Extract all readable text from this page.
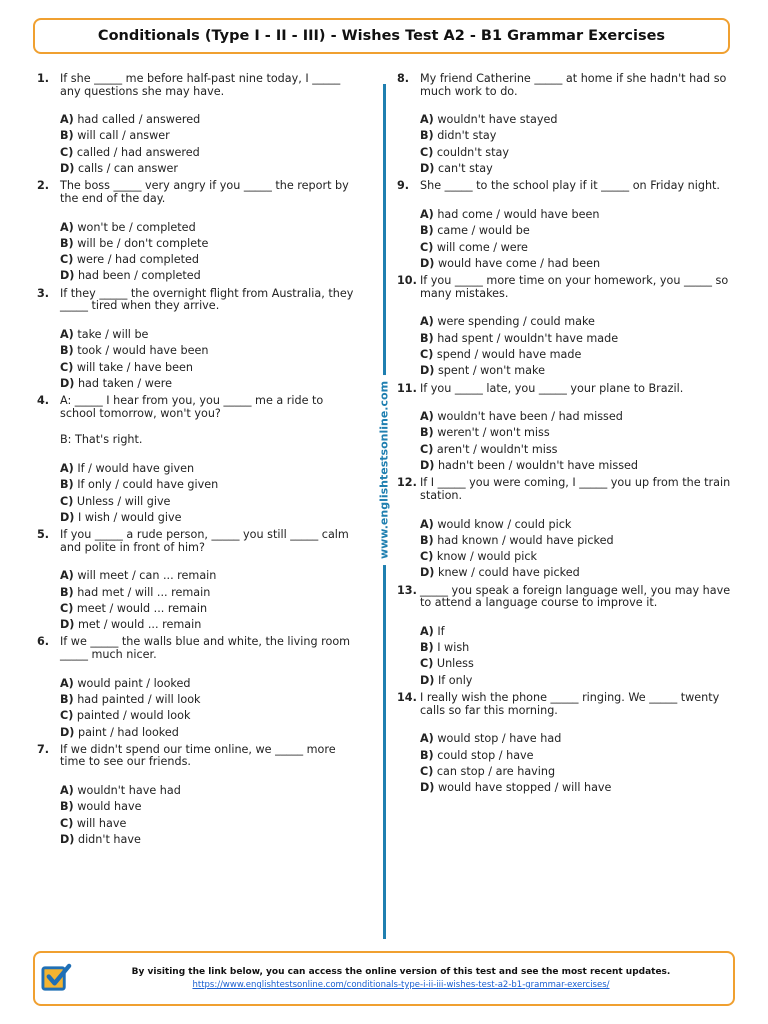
Conditionals (Type I - II - III) - Wishes Test A2 - B1 Grammar Exercises
1. If she _____ me before half-past nine today, I _____ any questions she may have.
A) had called / answered
B) will call / answer
C) called / had answered
D) calls / can answer
2. The boss _____ very angry if you _____ the report by the end of the day.
A) won't be / completed
B) will be / don't complete
C) were / had completed
D) had been / completed
3. If they _____ the overnight flight from Australia, they _____ tired when they arrive.
A) take / will be
B) took / would have been
C) will take / have been
D) had taken / were
4. A: _____ I hear from you, you _____ me a ride to school tomorrow, won't you?
B: That's right.
A) If / would have given
B) If only / could have given
C) Unless / will give
D) I wish / would give
5. If you _____ a rude person, _____ you still _____ calm and polite in front of him?
A) will meet / can ... remain
B) had met / will ... remain
C) meet / would ... remain
D) met / would ... remain
6. If we _____ the walls blue and white, the living room _____ much nicer.
A) would paint / looked
B) had painted / will look
C) painted / would look
D) paint / had looked
7. If we didn't spend our time online, we _____ more time to see our friends.
A) wouldn't have had
B) would have
C) will have
D) didn't have
www.englishtestsonline.com
8. My friend Catherine _____ at home if she hadn't had so much work to do.
A) wouldn't have stayed
B) didn't stay
C) couldn't stay
D) can't stay
9. She _____ to the school play if it _____ on Friday night.
A) had come / would have been
B) came / would be
C) will come / were
D) would have come / had been
10. If you _____ more time on your homework, you _____ so many mistakes.
A) were spending / could make
B) had spent / wouldn't have made
C) spend / would have made
D) spent / won't make
11. If you _____ late, you _____ your plane to Brazil.
A) wouldn't have been / had missed
B) weren't / won't miss
C) aren't / wouldn't miss
D) hadn't been / wouldn't have missed
12. If I _____ you were coming, I _____ you up from the train station.
A) would know / could pick
B) had known / would have picked
C) know / would pick
D) knew / could have picked
13. _____ you speak a foreign language well, you may have to attend a language course to improve it.
A) If
B) I wish
C) Unless
D) If only
14. I really wish the phone _____ ringing. We _____ twenty calls so far this morning.
A) would stop / have had
B) could stop / have
C) can stop / are having
D) would have stopped / will have
By visiting the link below, you can access the online version of this test and see the most recent updates.
https://www.englishtestsonline.com/conditionals-type-i-ii-iii-wishes-test-a2-b1-grammar-exercises/
